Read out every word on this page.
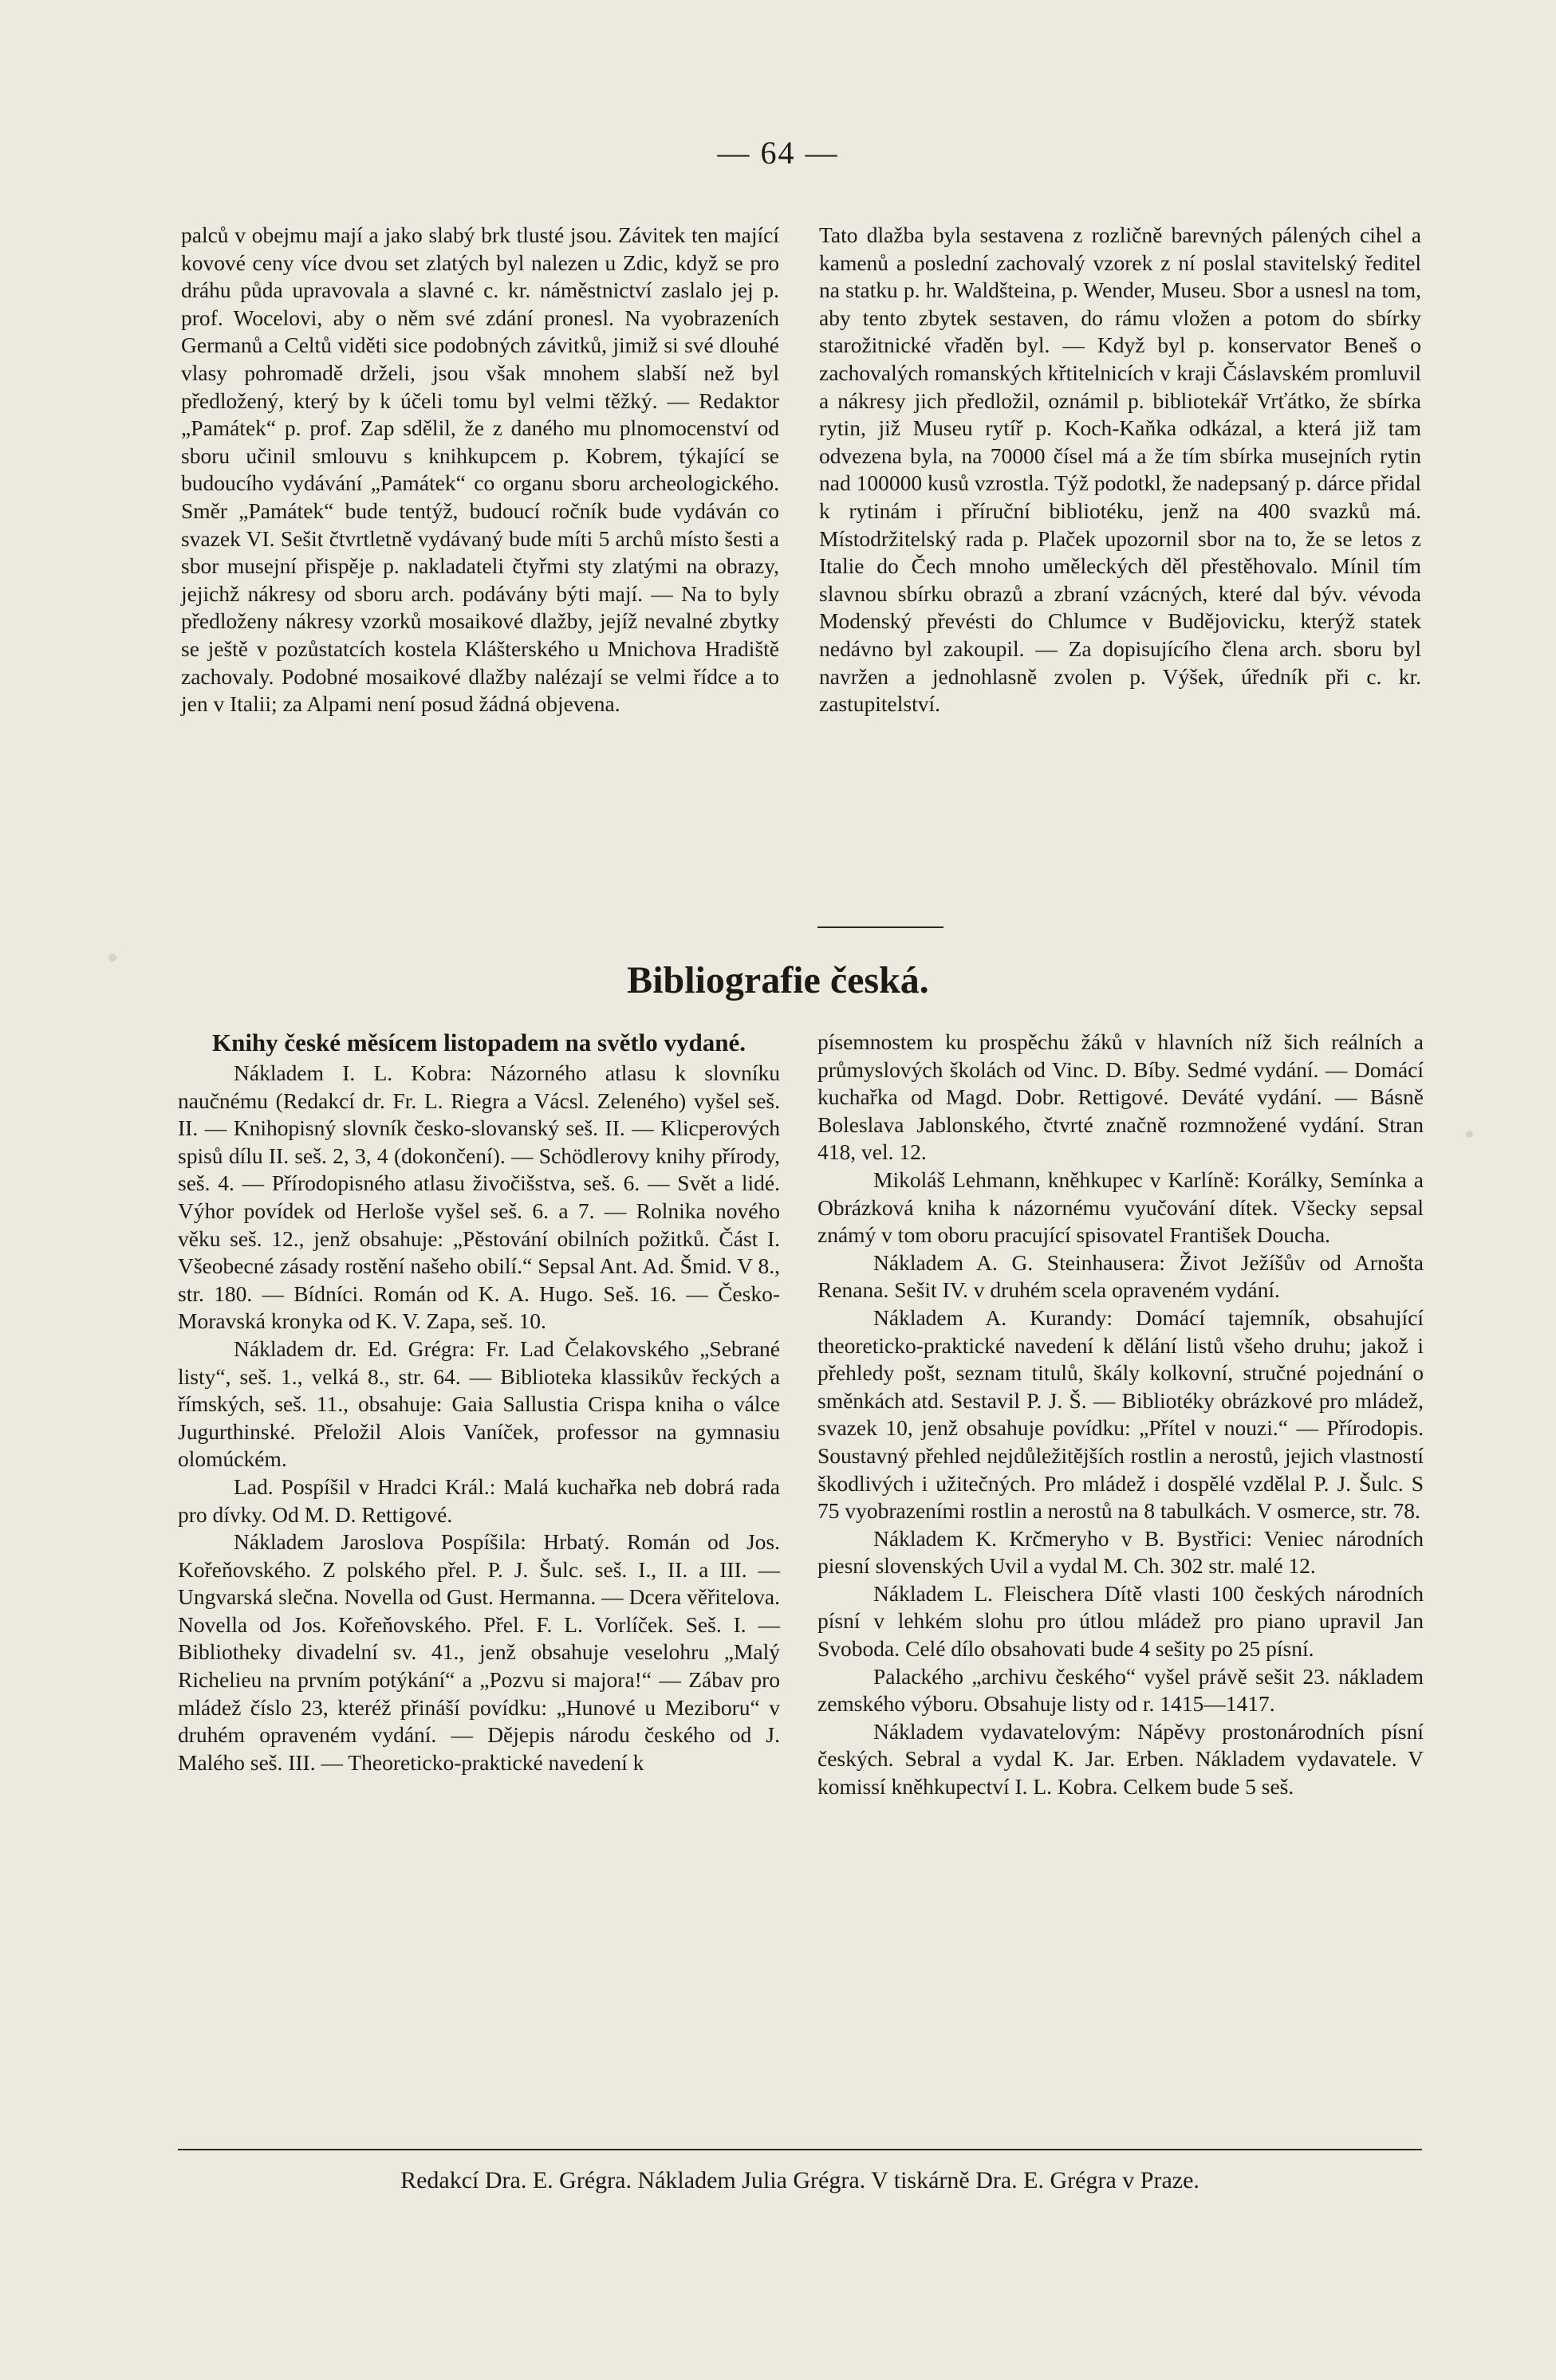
— 64 —

palců v obejmu mají a jako slabý brk tlusté jsou. Závitek ten mající kovové ceny více dvou set zlatých byl nalezen u Zdic, když se pro dráhu půda upravovala a slavné c. kr. náměstnictví zaslalo jej p. prof. Wocelovi, aby o něm své zdání pronesl. Na vyobrazeních Germanů a Celtů viděti sice podobných závitků, jimiž si své dlouhé vlasy pohromadě drželi, jsou však mnohem slabší než byl předložený, který by k účeli tomu byl velmi těžký. — Redaktor „Památek“ p. prof. Zap sdělil, že z daného mu plnomocenství od sboru učinil smlouvu s knihkupcem p. Kobrem, týkající se budoucího vydávání „Památek“ co organu sboru archeologického. Směr „Památek“ bude tentýž, budoucí ročník bude vydáván co svazek VI. Sešit čtvrtletně vydávaný bude míti 5 archů místo šesti a sbor musejní přispěje p. nakladateli čtyřmi sty zlatými na obrazy, jejichž nákresy od sboru arch. podávány býti mají. — Na to byly předloženy nákresy vzorků mosaikové dlažby, jejíž nevalné zbytky se ještě v pozůstatcích kostela Klášterského u Mnichova Hradiště zachovaly. Podobné mosaikové dlažby nalézají se velmi řídce a to jen v Italii; za Alpami není posud žádná objevena.

Tato dlažba byla sestavena z rozličně barevných pálených cihel a kamenů a poslední zachovalý vzorek z ní poslal stavitelský ředitel na statku p. hr. Waldšteina, p. Wender, Museu. Sbor a usnesl na tom, aby tento zbytek sestaven, do rámu vložen a potom do sbírky starožitnické vřaděn byl. — Když byl p. konservator Beneš o zachovalých romanských křtitelnicích v kraji Čáslavském promluvil a nákresy jich předložil, oznámil p. bibliotekář Vrťátko, že sbírka rytin, již Museu rytíř p. Koch-Kaňka odkázal, a která již tam odvezena byla, na 70000 čísel má a že tím sbírka musejních rytin nad 100000 kusů vzrostla. Týž podotkl, že nadepsaný p. dárce přidal k rytinám i příruční bibliotéku, jenž na 400 svazků má. Místodržitelský rada p. Plaček upozornil sbor na to, že se letos z Italie do Čech mnoho uměleckých děl přestěhovalo. Mínil tím slavnou sbírku obrazů a zbraní vzácných, které dal býv. vévoda Modenský převésti do Chlumce v Budějovicku, kterýž statek nedávno byl zakoupil. — Za dopisujícího člena arch. sboru byl navržen a jednohlasně zvolen p. Výšek, úředník při c. kr. zastupitelství.

Bibliografie česká.

Knihy české měsícem listopadem na světlo vydané.

Nákladem I. L. Kobra: Názorného atlasu k slovníku naučnému (Redakcí dr. Fr. L. Riegra a Vácsl. Zeleného) vyšel seš. II. — Knihopisný slovník česko-slovanský seš. II. — Klicperových spisů dílu II. seš. 2, 3, 4 (dokončení). — Schödlerovy knihy přírody, seš. 4. — Přírodopisného atlasu živočišstva, seš. 6. — Svět a lidé. Výhor povídek od Herloše vyšel seš. 6. a 7. — Rolnika nového věku seš. 12., jenž obsahuje: „Pěstování obilních požitků. Část I. Všeobecné zásady rostění našeho obilí.“ Sepsal Ant. Ad. Šmid. V 8., str. 180. — Bídníci. Román od K. A. Hugo. Seš. 16. — Česko-Moravská kronyka od K. V. Zapa, seš. 10.

Nákladem dr. Ed. Grégra: Fr. Lad Čelakovského „Sebrané listy“, seš. 1., velká 8., str. 64. — Biblioteka klassikův řeckých a římských, seš. 11., obsahuje: Gaia Sallustia Crispa kniha o válce Jugurthinské. Přeložil Alois Vaníček, professor na gymnasiu olomúckém.

Lad. Pospíšil v Hradci Král.: Malá kuchařka neb dobrá rada pro dívky. Od M. D. Rettigové.

Nákladem Jaroslova Pospíšila: Hrbatý. Román od Jos. Kořeňovského. Z polského přel. P. J. Šulc. seš. I., II. a III. — Ungvarská slečna. Novella od Gust. Hermanna. — Dcera věřitelova. Novella od Jos. Kořeňovského. Přel. F. L. Vorlíček. Seš. I. — Bibliotheky divadelní sv. 41., jenž obsahuje veselohru „Malý Richelieu na prvním potýkání“ a „Pozvu si majora!“ — Zábav pro mládež číslo 23, kteréž přináší povídku: „Hunové u Meziboru“ v druhém opraveném vydání. — Dějepis národu českého od J. Malého seš. III. — Theoreticko-praktické navedení k

písemnostem ku prospěchu žáků v hlavních níž šich reálních a průmyslových školách od Vinc. D. Bíby. Sedmé vydání. — Domácí kuchařka od Magd. Dobr. Rettigové. Deváté vydání. — Básně Boleslava Jablonského, čtvrté značně rozmnožené vydání. Stran 418, vel. 12.

Mikoláš Lehmann, kněhkupec v Karlíně: Korálky, Semínka a Obrázková kniha k názornému vyučování dítek. Všecky sepsal známý v tom oboru pracující spisovatel František Doucha.

Nákladem A. G. Steinhausera: Život Ježíšův od Arnošta Renana. Sešit IV. v druhém scela opraveném vydání.

Nákladem A. Kurandy: Domácí tajemník, obsahující theoreticko-praktické navedení k dělání listů všeho druhu; jakož i přehledy pošt, seznam titulů, škály kolkovní, stručné pojednání o směnkách atd. Sestavil P. J. Š. — Bibliotéky obrázkové pro mládež, svazek 10, jenž obsahuje povídku: „Přítel v nouzi.“ — Přírodopis. Soustavný přehled nejdůležitějších rostlin a nerostů, jejich vlastností škodlivých i užitečných. Pro mládež i dospělé vzdělal P. J. Šulc. S 75 vyobrazeními rostlin a nerostů na 8 tabulkách. V osmerce, str. 78.

Nákladem K. Krčmeryho v B. Bystřici: Veniec národních piesní slovenských Uvil a vydal M. Ch. 302 str. malé 12.

Nákladem L. Fleischera Dítě vlasti 100 českých národních písní v lehkém slohu pro útlou mládež pro piano upravil Jan Svoboda. Celé dílo obsahovati bude 4 sešity po 25 písní.

Palackého „archivu českého“ vyšel právě sešit 23. nákladem zemského výboru. Obsahuje listy od r. 1415—1417.

Nákladem vydavatelovým: Nápěvy prostonárodních písní českých. Sebral a vydal K. Jar. Erben. Nákladem vydavatele. V komissí kněhkupectví I. L. Kobra. Celkem bude 5 seš.

Redakcí Dra. E. Grégra. Nákladem Julia Grégra. V tiskárně Dra. E. Grégra v Praze.
